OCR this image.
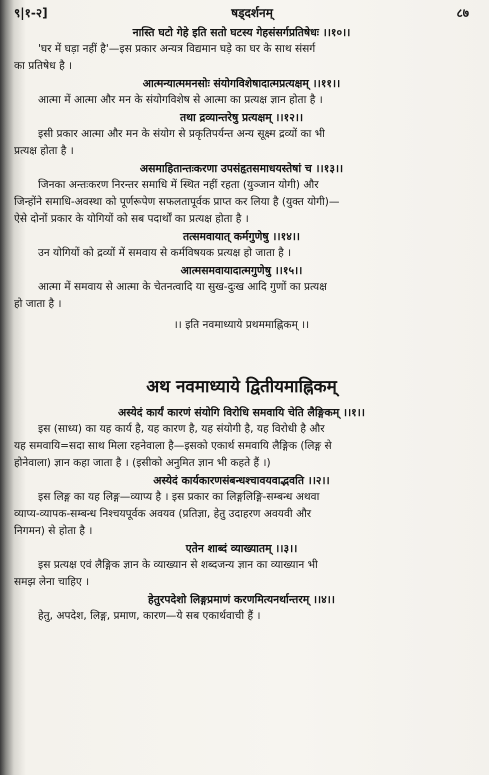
९|१-२]	षड्दर्शनम्	८७
नास्ति घटो गेहे इति सतो घटस्य गेहसंसर्गप्रतिषेधः ।।१०।।
'घर में घड़ा नहीं है'—इस प्रकार अन्यत्र विद्यमान घड़े का घर के साथ संसर्ग
का प्रतिषेध है ।
आत्मन्यात्ममनसोः संयोगविशेषादात्मप्रत्यक्षम् ।।११।।
आत्मा में आत्मा और मन के संयोगविशेष से आत्मा का प्रत्यक्ष ज्ञान होता है ।
तथा द्रव्यान्तरेषु प्रत्यक्षम् ।।१२।।
इसी प्रकार आत्मा और मन के संयोग से प्रकृतिपर्यन्त अन्य सूक्ष्म द्रव्यों का भी
प्रत्यक्ष होता है ।
असमाहितान्तःकरणा उपसंहृतसमाधयस्तेषां च ।।१३।।
जिनका अन्तःकरण निरन्तर समाधि में स्थित नहीं रहता (युञ्जान योगी) और
जिन्होंने समाधि-अवस्था को पूर्णरूपेण सफलतापूर्वक प्राप्त कर लिया है (युक्त योगी)—
ऐसे दोनों प्रकार के योगियों को सब पदार्थों का प्रत्यक्ष होता है ।
तत्समवायात् कर्मगुणेषु ।।१४।।
उन योगियों को द्रव्यों में समवाय से कर्मविषयक प्रत्यक्ष हो जाता है ।
आत्मसमवायादात्मगुणेषु ।।१५।।
आत्मा में समवाय से आत्मा के चेतनत्वादि या सुख-दुःख आदि गुणों का प्रत्यक्ष
हो जाता है ।
।। इति नवमाध्याये प्रथममाह्निकम् ।।
अथ नवमाध्याये द्वितीयमाह्निकम्
अस्येदं कार्यं कारणं संयोगि विरोधि समवायि चेति लैङ्गिकम् ।।१।।
इस (साध्य) का यह कार्य है, यह कारण है, यह संयोगी है, यह विरोधी है और
यह समवायि=सदा साथ मिला रहनेवाला है—इसको एकार्थ समवायि लैङ्गिक (लिङ्ग से
होनेवाला) ज्ञान कहा जाता है । (इसीको अनुमित ज्ञान भी कहते हैं ।)
अस्येदं कार्यकारणसंबन्धश्चावयवाद्भवति ।।२।।
इस लिङ्ग का यह लिङ्ग—व्याप्य है । इस प्रकार का लिङ्गलिङ्गि-सम्बन्ध अथवा
व्याप्य-व्यापक-सम्बन्ध निश्चयपूर्वक अवयव (प्रतिज्ञा, हेतु उदाहरण अवयवी और
निगमन) से होता है ।
एतेन शाब्दं व्याख्यातम् ।।३।।
इस प्रत्यक्ष एवं लैङ्गिक ज्ञान के व्याख्यान से शब्दजन्य ज्ञान का व्याख्यान भी
समझ लेना चाहिए ।
हेतुरपदेशो लिङ्गप्रमाणं करणमित्यनर्थान्तरम् ।।४।।
हेतु, अपदेश, लिङ्ग, प्रमाण, कारण—ये सब एकार्थवाची हैं ।
